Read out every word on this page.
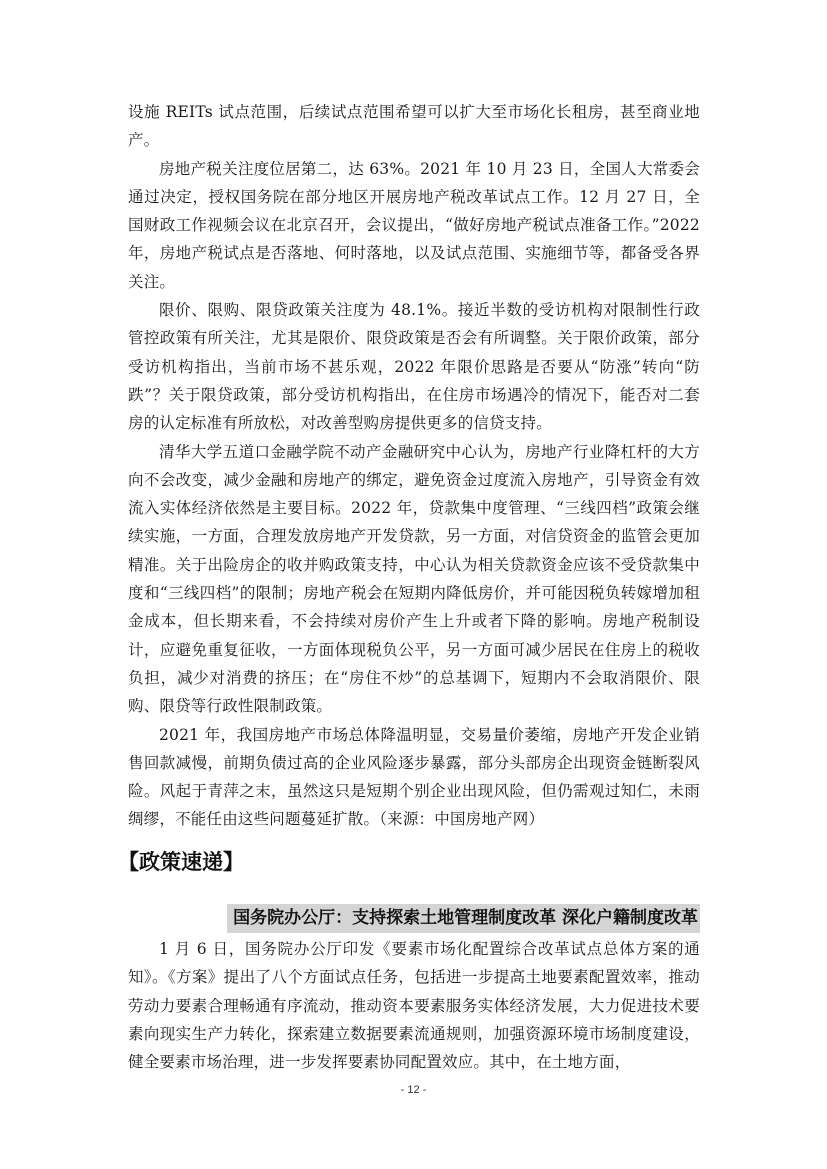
设施 REITs 试点范围，后续试点范围希望可以扩大至市场化长租房，甚至商业地产。

房地产税关注度位居第二，达 63%。2021 年 10 月 23 日，全国人大常委会通过决定，授权国务院在部分地区开展房地产税改革试点工作。12 月 27 日，全国财政工作视频会议在北京召开，会议提出，“做好房地产税试点准备工作。”2022 年，房地产税试点是否落地、何时落地，以及试点范围、实施细节等，都备受各界关注。

限价、限购、限贷政策关注度为 48.1%。接近半数的受访机构对限制性行政管控政策有所关注，尤其是限价、限贷政策是否会有所调整。关于限价政策，部分受访机构指出，当前市场不甚乐观，2022 年限价思路是否要从“防涨”转向“防跌”？关于限贷政策，部分受访机构指出，在住房市场遇冷的情况下，能否对二套房的认定标准有所放松，对改善型购房提供更多的信贷支持。

清华大学五道口金融学院不动产金融研究中心认为，房地产行业降杠杆的大方向不会改变，减少金融和房地产的绑定，避免资金过度流入房地产，引导资金有效流入实体经济依然是主要目标。2022 年，贷款集中度管理、“三线四档”政策会继续实施，一方面，合理发放房地产开发贷款，另一方面，对信贷资金的监管会更加精准。关于出险房企的收并购政策支持，中心认为相关贷款资金应该不受贷款集中度和“三线四档”的限制；房地产税会在短期内降低房价，并可能因税负转嫁增加租金成本，但长期来看，不会持续对房价产生上升或者下降的影响。房地产税制设计，应避免重复征收，一方面体现税负公平，另一方面可减少居民在住房上的税收负担，减少对消费的挤压；在“房住不炒”的总基调下，短期内不会取消限价、限购、限贷等行政性限制政策。

2021 年，我国房地产市场总体降温明显，交易量价萎缩，房地产开发企业销售回款减慢，前期负债过高的企业风险逐步暴露，部分头部房企出现资金链断裂风险。风起于青萍之末，虽然这只是短期个别企业出现风险，但仍需观过知仁，未雨绸缪，不能任由这些问题蔓延扩散。（来源：中国房地产网）

【政策速递】
国务院办公厅：支持探索土地管理制度改革 深化户籍制度改革

1 月 6 日，国务院办公厅印发《要素市场化配置综合改革试点总体方案的通知》。《方案》提出了八个方面试点任务，包括进一步提高土地要素配置效率，推动劳动力要素合理畅通有序流动，推动资本要素服务实体经济发展，大力促进技术要素向现实生产力转化，探索建立数据要素流通规则，加强资源环境市场制度建设，健全要素市场治理，进一步发挥要素协同配置效应。其中，在土地方面，

- 12 -
